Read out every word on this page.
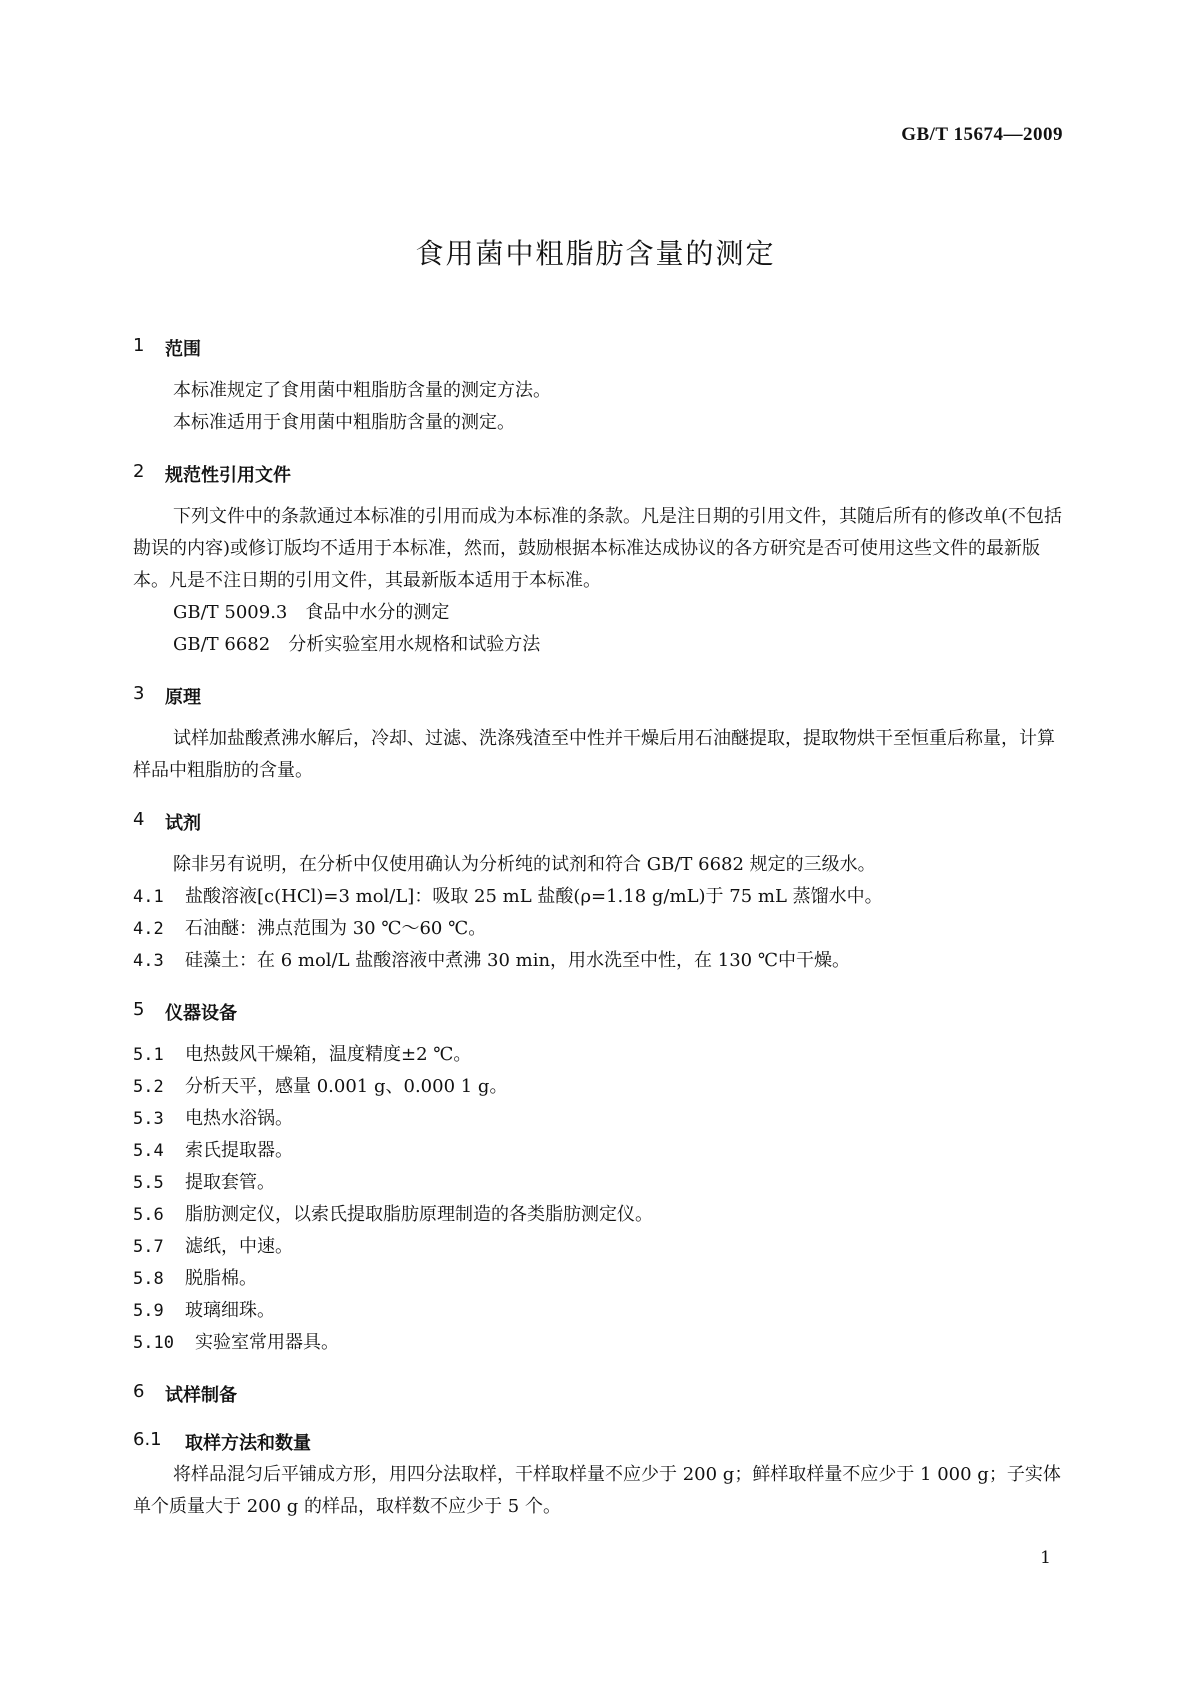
GB/T 15674—2009
食用菌中粗脂肪含量的测定
1	范围

本标准规定了食用菌中粗脂肪含量的测定方法。

本标准适用于食用菌中粗脂肪含量的测定。

2	规范性引用文件

下列文件中的条款通过本标准的引用而成为本标准的条款。凡是注日期的引用文件，其随后所有的修改单(不包括勘误的内容)或修订版均不适用于本标准，然而，鼓励根据本标准达成协议的各方研究是否可使用这些文件的最新版本。凡是不注日期的引用文件，其最新版本适用于本标准。

GB/T 5009.3　食品中水分的测定

GB/T 6682　分析实验室用水规格和试验方法

3	原理

试样加盐酸煮沸水解后，冷却、过滤、洗涤残渣至中性并干燥后用石油醚提取，提取物烘干至恒重后称量，计算样品中粗脂肪的含量。

4	试剂

除非另有说明，在分析中仅使用确认为分析纯的试剂和符合 GB/T 6682 规定的三级水。

4.1	盐酸溶液[c(HCl)=3 mol/L]：吸取 25 mL 盐酸(ρ=1.18 g/mL)于 75 mL 蒸馏水中。
4.2	石油醚：沸点范围为 30 ℃～60 ℃。
4.3	硅藻土：在 6 mol/L 盐酸溶液中煮沸 30 min，用水洗至中性，在 130 ℃中干燥。
5	仪器设备
5.1	电热鼓风干燥箱，温度精度±2 ℃。
5.2	分析天平，感量 0.001 g、0.000 1 g。
5.3	电热水浴锅。
5.4	索氏提取器。
5.5	提取套管。
5.6	脂肪测定仪，以索氏提取脂肪原理制造的各类脂肪测定仪。
5.7	滤纸，中速。
5.8	脱脂棉。
5.9	玻璃细珠。
5.10	实验室常用器具。
6	试样制备
6.1	取样方法和数量

将样品混匀后平铺成方形，用四分法取样，干样取样量不应少于 200 g；鲜样取样量不应少于 1 000 g；子实体单个质量大于 200 g 的样品，取样数不应少于 5 个。

1
